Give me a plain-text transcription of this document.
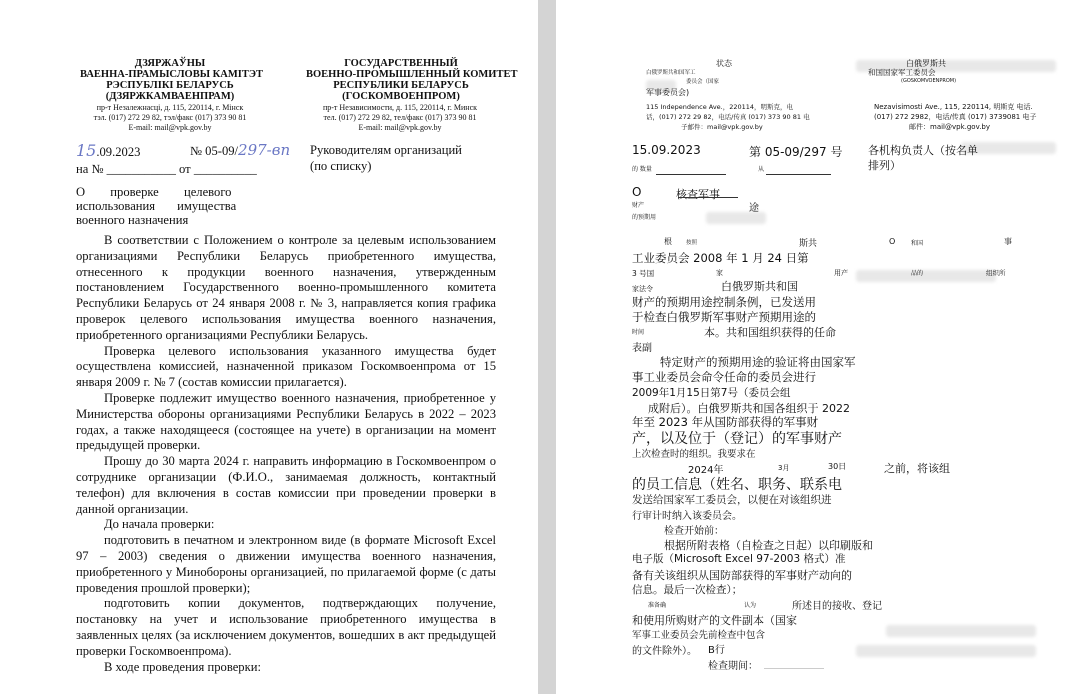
ДЗЯРЖАЎНЫ
ВАЕННА-ПРАМЫСЛОВЫ КАМІТЭТ
РЭСПУБЛІКІ БЕЛАРУСЬ
(ДЗЯРЖКАМВАЕНПРАМ)
ГОСУДАРСТВЕННЫЙ
ВОЕННО-ПРОМЫШЛЕННЫЙ КОМИТЕТ
РЕСПУБЛИКИ БЕЛАРУСЬ
(ГОСКОМВОЕНПРОМ)
пр-т Незалежнасці, д. 115, 220114, г. Мінск
тэл. (017) 272 29 82, тэл/факс (017) 373 90 81
E-mail: mail@vpk.gov.by
пр-т Независимости, д. 115, 220114, г. Минск
тел. (017) 272 29 82, тел/факс (017) 373 90 81
E-mail: mail@vpk.gov.by
15.09.2023	№ 05-09/297-вп
на № ___________ от __________
Руководителям организаций
(по списку)
О        проверке        целевого
использования       имущества
военного назначения
В соответствии с Положением о контроле за целевым использованием организациями Республики Беларусь приобретенного имущества, отнесенного к продукции военного назначения, утвержденным постановлением Государственного военно-промышленного комитета Республики Беларусь от 24 января 2008 г. № 3, направляется копия графика проверок целевого использования имущества военного назначения, приобретенного организациями Республики Беларусь.
Проверка целевого использования указанного имущества будет осуществлена комиссией, назначенной приказом Госкомвоенпрома от 15 января 2009 г. № 7 (состав комиссии прилагается).
Проверке подлежит имущество военного назначения, приобретенное у Министерства обороны организациями Республики Беларусь в 2022 – 2023 годах, а также находящееся (состоящее на учете) в организации на момент предыдущей проверки.
Прошу до 30 марта 2024 г. направить информацию в Госкомвоенпром о сотруднике организации (Ф.И.О., занимаемая должность, контактный телефон) для включения в состав комиссии при проведении проверки в данной организации.
До начала проверки:
подготовить в печатном и электронном виде (в формате Microsoft Excel 97 – 2003) сведения о движении имущества военного назначения, приобретенного у Минобороны организацией, по прилагаемой форме (с даты проведения прошлой проверки);
подготовить копии документов, подтверждающих получение, постановку на учет и использование приобретенного имущества в заявленных целях (за исключением документов, вошедших в акт предыдущей проверки Госкомвоенпрома).
В ходе проведения проверки:
状态	白俄罗斯共
白俄罗斯共和国军工	和国国家军工委员会
委员会（国家	(GOSKOMVOENPROM)
军事委员会)
115 Independence Ave.，220114，明斯克，电
话，(017) 272 29 82，电话/传真 (017) 373 90 81 电
子邮件：mail@vpk.gov.by
Nezavisimosti Ave., 115, 220114, 明斯克 电话.
(017) 272 2982，电话/传真 (017) 3739081 电子
邮件：mail@vpk.gov.by
15.09.2023	第 05-09/297 号 各机构负责人（按名单
排列）
的 数量	从
O	核查军事
财产	途
的预期用
根	按照	斯共	O	和国	事
工业委员会 2008 年 1 月 24 日第
3 号国	家	用产	品的	组织所
家法令	白俄罗斯共和国
财产的预期用途控制条例，已发送用
于检查白俄罗斯军事财产预期用途的
时间	本。共和国组织获得的任命
表副
特定财产的预期用途的验证将由国家军
事工业委员会命令任命的委员会进行
2009年1月15日第7号（委员会组
成附后）。白俄罗斯共和国各组织于 2022
年至 2023 年从国防部获得的军事财
产，以及位于（登记）的军事财产
上次检查时的组织。我要求在
2024年	3月	30日	之前，将该组
的员工信息（姓名、职务、联系电
发送给国家军工委员会，以便在对该组织进
行审计时纳入该委员会。
检查开始前：
根据所附表格（自检查之日起）以印刷版和
电子版（Microsoft Excel 97-2003 格式）准
备有关该组织从国防部获得的军事财产动向的
信息。最后一次检查）；
准备确	认为	所述目的接收、登记
和使用所购财产的文件副本（国家
军事工业委员会先前检查中包含
的文件除外）。 B行
检查期间：
